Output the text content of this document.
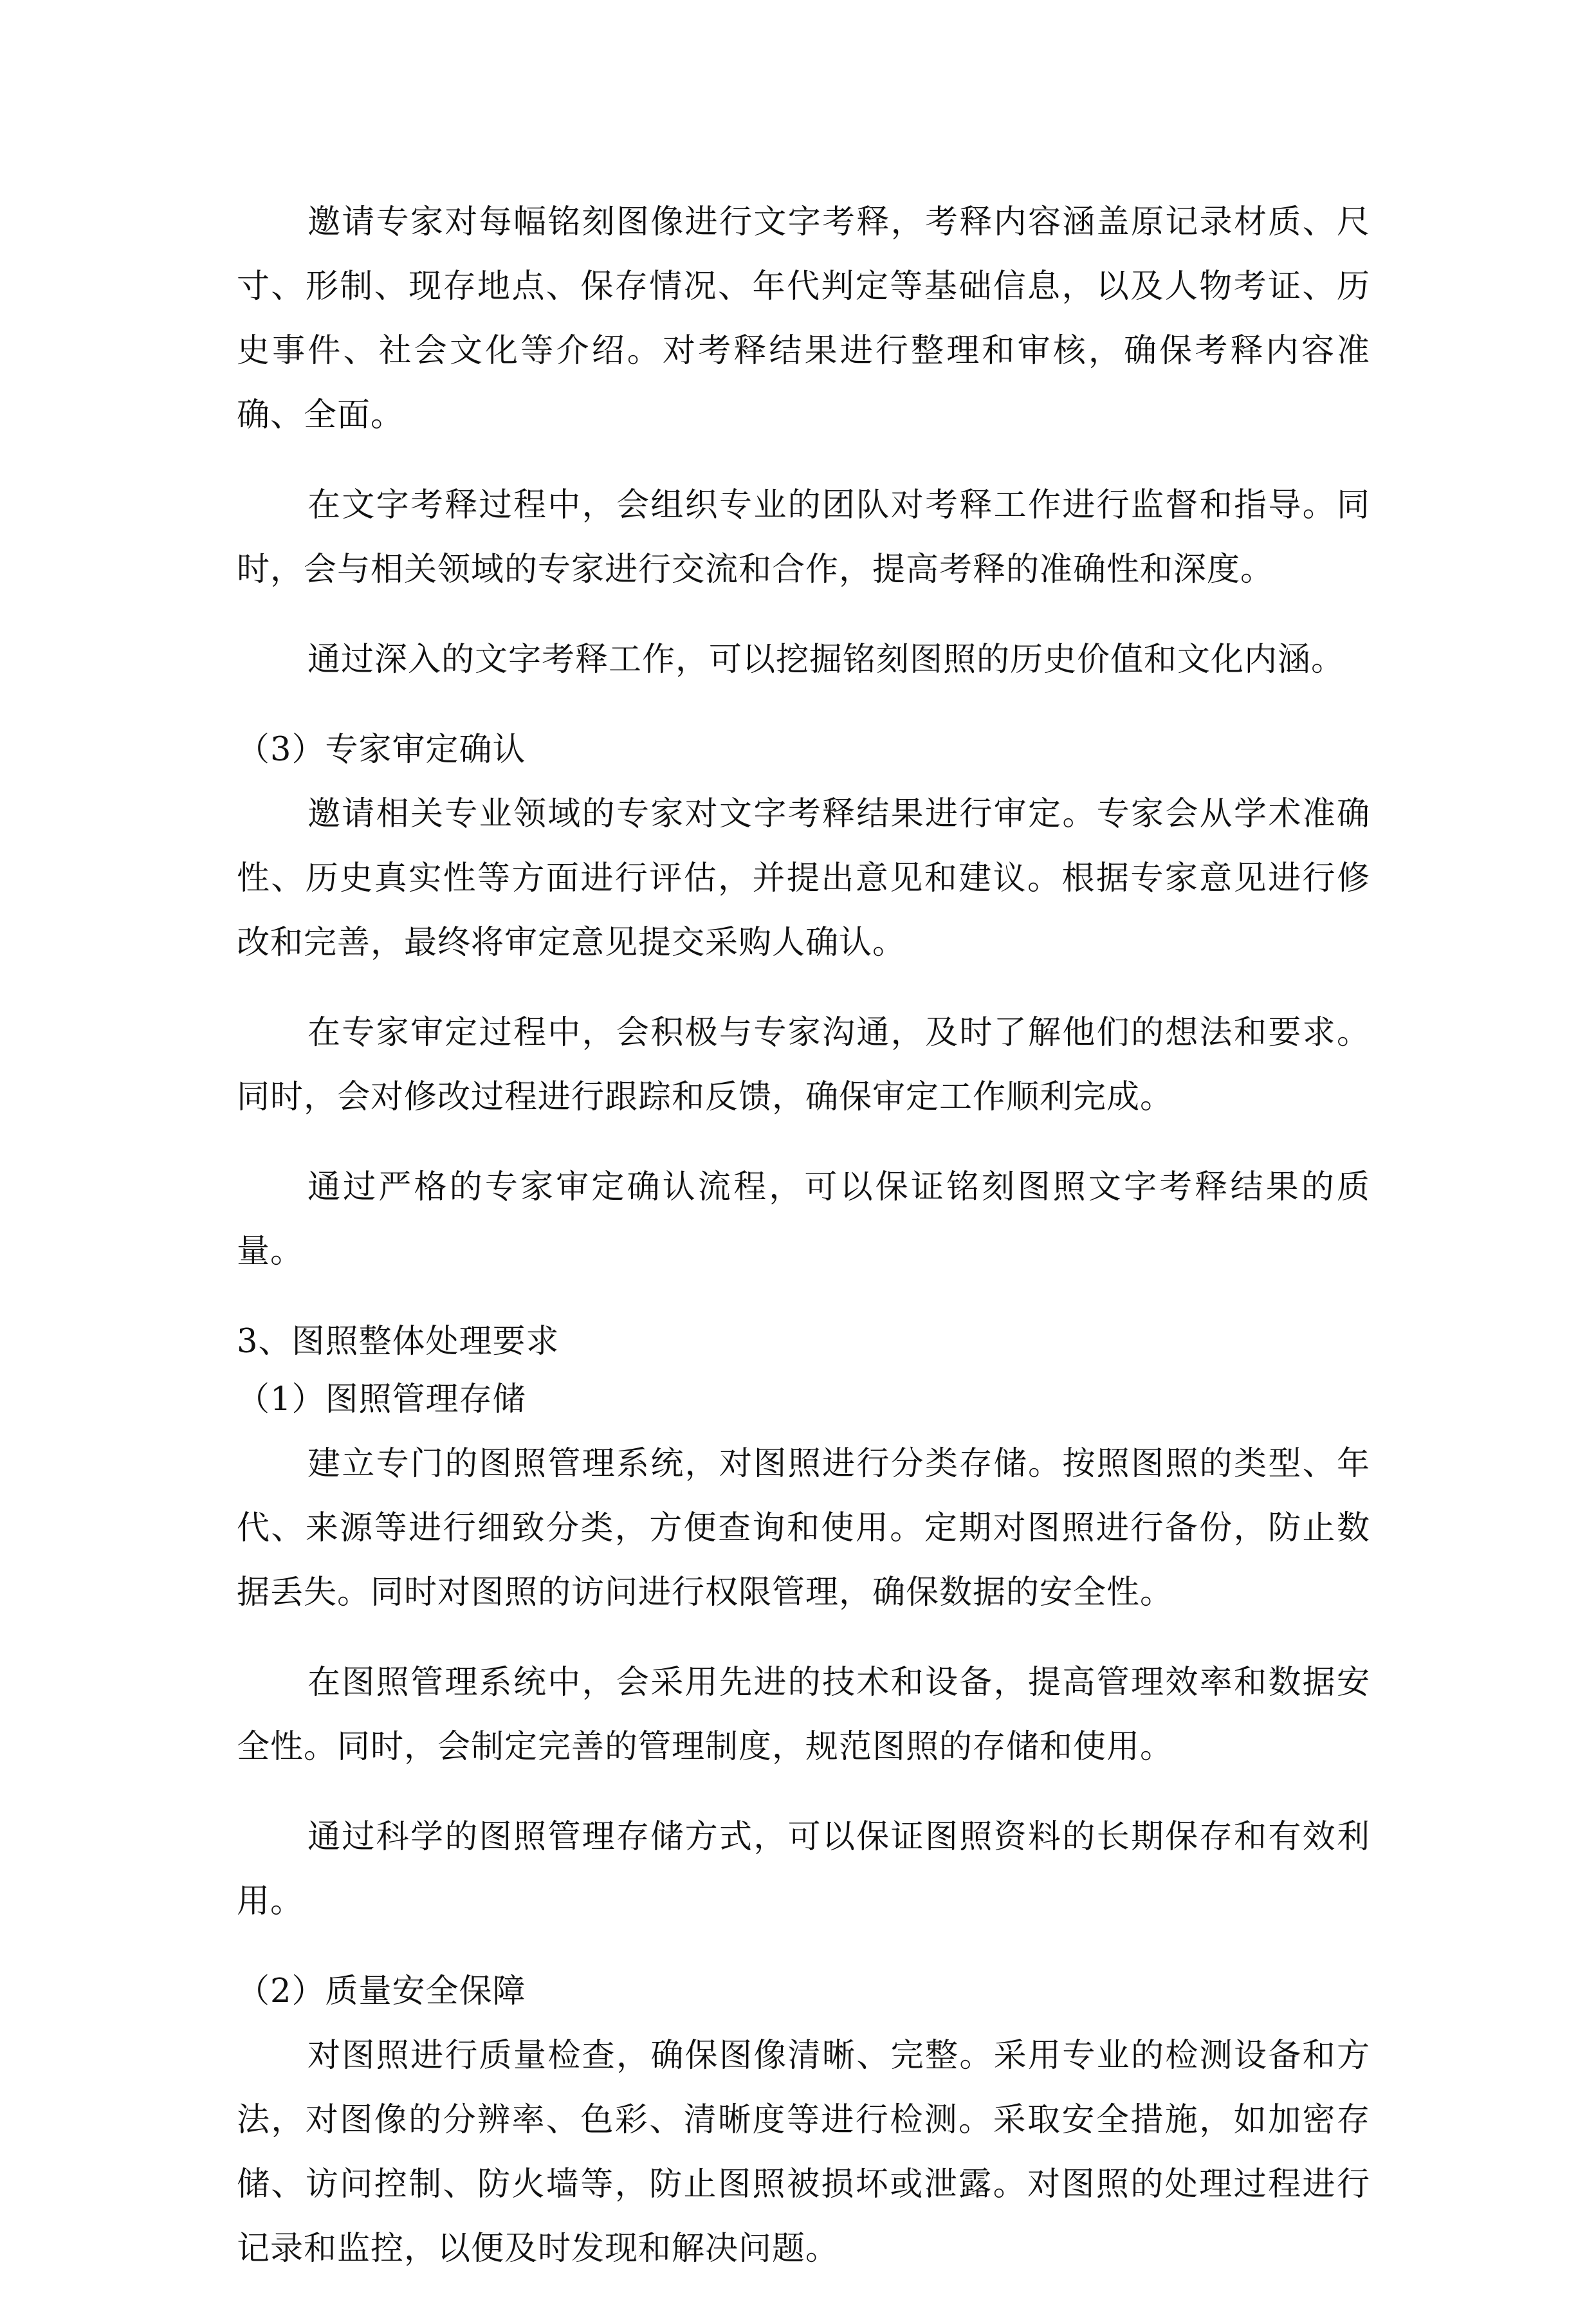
邀请专家对每幅铭刻图像进行文字考释，考释内容涵盖原记录材质、尺寸、形制、现存地点、保存情况、年代判定等基础信息，以及人物考证、历史事件、社会文化等介绍。对考释结果进行整理和审核，确保考释内容准确、全面。

在文字考释过程中，会组织专业的团队对考释工作进行监督和指导。同时，会与相关领域的专家进行交流和合作，提高考释的准确性和深度。

通过深入的文字考释工作，可以挖掘铭刻图照的历史价值和文化内涵。

（3）专家审定确认

邀请相关专业领域的专家对文字考释结果进行审定。专家会从学术准确性、历史真实性等方面进行评估，并提出意见和建议。根据专家意见进行修改和完善，最终将审定意见提交采购人确认。

在专家审定过程中，会积极与专家沟通，及时了解他们的想法和要求。同时，会对修改过程进行跟踪和反馈，确保审定工作顺利完成。

通过严格的专家审定确认流程，可以保证铭刻图照文字考释结果的质量。

3、图照整体处理要求

（1）图照管理存储

建立专门的图照管理系统，对图照进行分类存储。按照图照的类型、年代、来源等进行细致分类，方便查询和使用。定期对图照进行备份，防止数据丢失。同时对图照的访问进行权限管理，确保数据的安全性。

在图照管理系统中，会采用先进的技术和设备，提高管理效率和数据安全性。同时，会制定完善的管理制度，规范图照的存储和使用。

通过科学的图照管理存储方式，可以保证图照资料的长期保存和有效利用。

（2）质量安全保障

对图照进行质量检查，确保图像清晰、完整。采用专业的检测设备和方法，对图像的分辨率、色彩、清晰度等进行检测。采取安全措施，如加密存储、访问控制、防火墙等，防止图照被损坏或泄露。对图照的处理过程进行记录和监控，以便及时发现和解决问题。
